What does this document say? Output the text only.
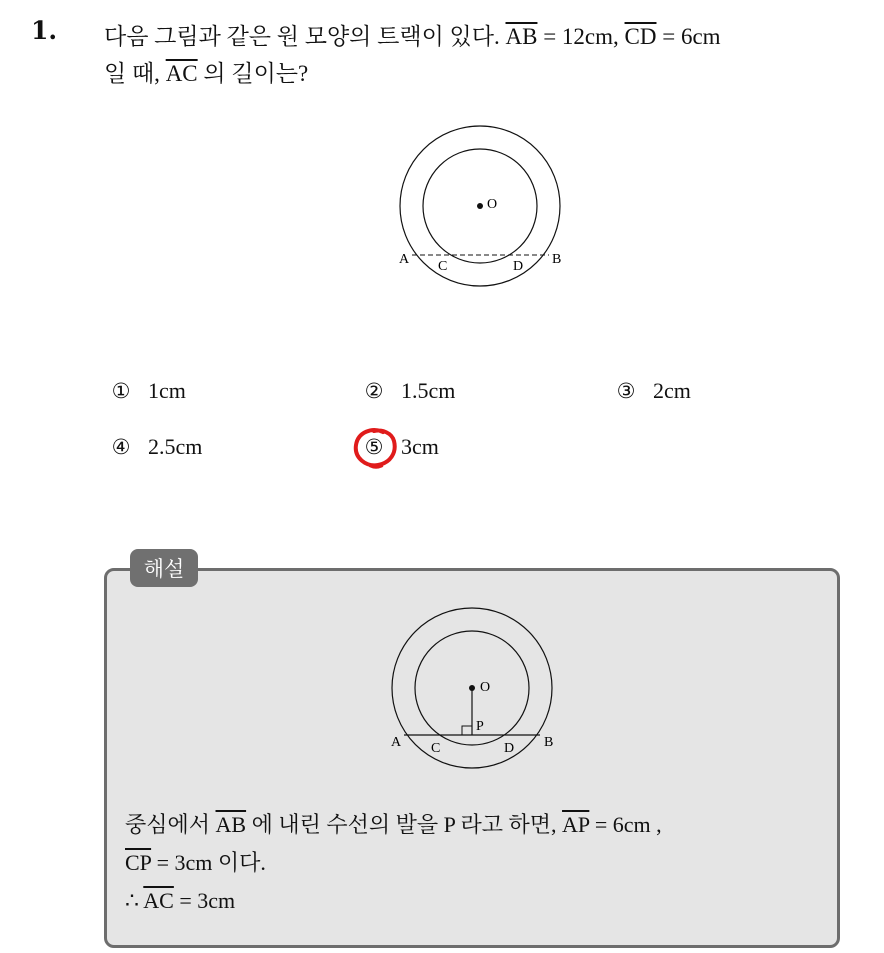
1. 다음 그림과 같은 원 모양의 트랙이 있다. $\overline{AB} = 12cm$, $\overline{CD} = 6cm$
일 때, $\overline{AC}$ 의 길이는?
O
A C	D B
① 1cm	② 1.5cm	③ 2cm
④ 2.5cm	⑤ 3cm
해설
O
P
A C	D B
중심에서 $\overline{AB}$ 에 내린 수선의 발을 P 라고 하면, $\overline{AP} = 6cm$ ,
$\overline{CP} = 3cm$ 이다.
∴ $\overline{AC} = 3cm$
